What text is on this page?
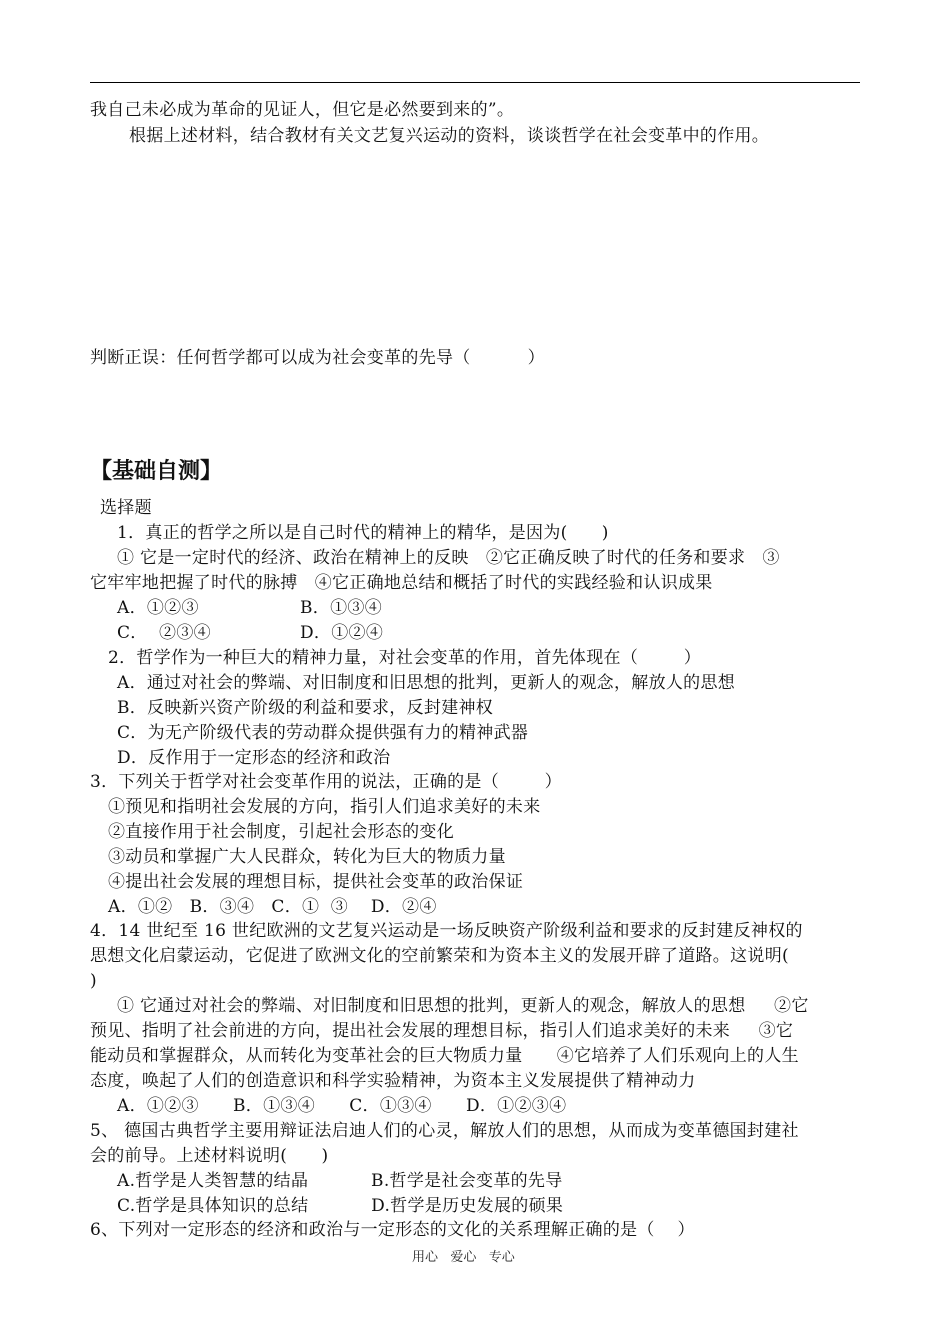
我自己未必成为革命的见证人，但它是必然要到来的”。
根据上述材料，结合教材有关文艺复兴运动的资料，谈谈哲学在社会变革中的作用。
判断正误：任何哲学都可以成为社会变革的先导（          ）
【基础自测】
选择题
1．真正的哲学之所以是自己时代的精神上的精华，是因为(      )
① 它是一定时代的经济、政治在精神上的反映   ②它正确反映了时代的任务和要求   ③
它牢牢地把握了时代的脉搏   ④它正确地总结和概括了时代的实践经验和认识成果
A．①②③	B．①③④
C．  ②③④	D．①②④
2．哲学作为一种巨大的精神力量，对社会变革的作用，首先体现在（        ）
A．通过对社会的弊端、对旧制度和旧思想的批判，更新人的观念，解放人的思想
B．反映新兴资产阶级的利益和要求，反封建神权
C．为无产阶级代表的劳动群众提供强有力的精神武器
D．反作用于一定形态的经济和政治
3．下列关于哲学对社会变革作用的说法，正确的是（        ）
①预见和指明社会发展的方向，指引人们追求美好的未来
②直接作用于社会制度，引起社会形态的变化
③动员和掌握广大人民群众，转化为巨大的物质力量
④提出社会发展的理想目标，提供社会变革的政治保证
A．①②   B．③④   C．①  ③    D．②④
4．14 世纪至 16 世纪欧洲的文艺复兴运动是一场反映资产阶级利益和要求的反封建反神权的
思想文化启蒙运动，它促进了欧洲文化的空前繁荣和为资本主义的发展开辟了道路。这说明(
)
① 它通过对社会的弊端、对旧制度和旧思想的批判，更新人的观念，解放人的思想     ②它
预见、指明了社会前进的方向，提出社会发展的理想目标，指引人们追求美好的未来     ③它
能动员和掌握群众，从而转化为变革社会的巨大物质力量      ④它培养了人们乐观向上的人生
态度，唤起了人们的创造意识和科学实验精神，为资本主义发展提供了精神动力
A．①②③      B．①③④      C．①③④      D．①②③④
5、 德国古典哲学主要用辩证法启迪人们的心灵，解放人们的思想，从而成为变革德国封建社
会的前导。上述材料说明(      )
A.哲学是人类智慧的结晶           B.哲学是社会变革的先导
C.哲学是具体知识的总结           D.哲学是历史发展的硕果
6、下列对一定形态的经济和政治与一定形态的文化的关系理解正确的是（    ）
用心   爱心   专心
